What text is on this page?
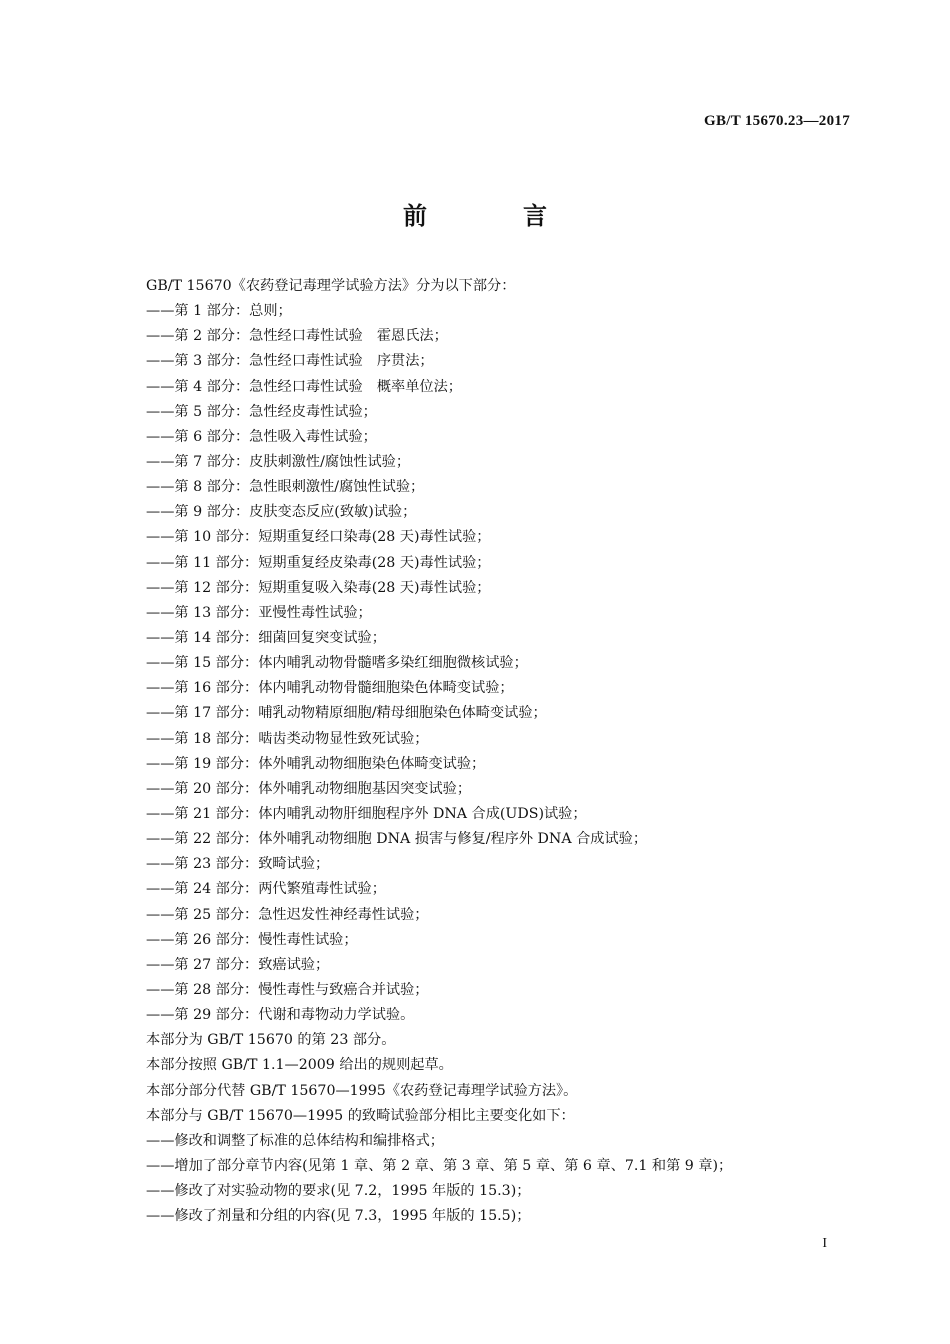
GB/T 15670.23—2017
前　言
GB/T 15670《农药登记毒理学试验方法》分为以下部分：
——第 1 部分：总则；
——第 2 部分：急性经口毒性试验　霍恩氏法；
——第 3 部分：急性经口毒性试验　序贯法；
——第 4 部分：急性经口毒性试验　概率单位法；
——第 5 部分：急性经皮毒性试验；
——第 6 部分：急性吸入毒性试验；
——第 7 部分：皮肤刺激性/腐蚀性试验；
——第 8 部分：急性眼刺激性/腐蚀性试验；
——第 9 部分：皮肤变态反应(致敏)试验；
——第 10 部分：短期重复经口染毒(28 天)毒性试验；
——第 11 部分：短期重复经皮染毒(28 天)毒性试验；
——第 12 部分：短期重复吸入染毒(28 天)毒性试验；
——第 13 部分：亚慢性毒性试验；
——第 14 部分：细菌回复突变试验；
——第 15 部分：体内哺乳动物骨髓嗜多染红细胞微核试验；
——第 16 部分：体内哺乳动物骨髓细胞染色体畸变试验；
——第 17 部分：哺乳动物精原细胞/精母细胞染色体畸变试验；
——第 18 部分：啮齿类动物显性致死试验；
——第 19 部分：体外哺乳动物细胞染色体畸变试验；
——第 20 部分：体外哺乳动物细胞基因突变试验；
——第 21 部分：体内哺乳动物肝细胞程序外 DNA 合成(UDS)试验；
——第 22 部分：体外哺乳动物细胞 DNA 损害与修复/程序外 DNA 合成试验；
——第 23 部分：致畸试验；
——第 24 部分：两代繁殖毒性试验；
——第 25 部分：急性迟发性神经毒性试验；
——第 26 部分：慢性毒性试验；
——第 27 部分：致癌试验；
——第 28 部分：慢性毒性与致癌合并试验；
——第 29 部分：代谢和毒物动力学试验。
本部分为 GB/T 15670 的第 23 部分。
本部分按照 GB/T 1.1—2009 给出的规则起草。
本部分部分代替 GB/T 15670—1995《农药登记毒理学试验方法》。
本部分与 GB/T 15670—1995 的致畸试验部分相比主要变化如下：
——修改和调整了标准的总体结构和编排格式；
——增加了部分章节内容(见第 1 章、第 2 章、第 3 章、第 5 章、第 6 章、7.1 和第 9 章)；
——修改了对实验动物的要求(见 7.2，1995 年版的 15.3)；
——修改了剂量和分组的内容(见 7.3，1995 年版的 15.5)；
I
